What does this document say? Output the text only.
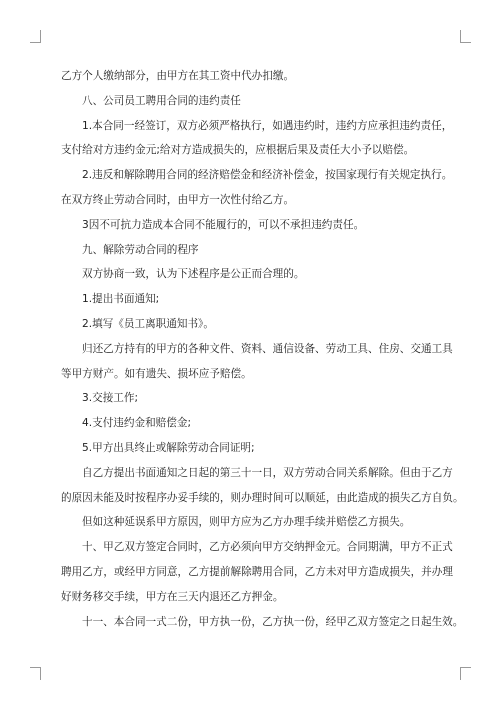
乙方个人缴纳部分，由甲方在其工资中代办扣缴。

八、公司员工聘用合同的违约责任

1.本合同一经签订，双方必须严格执行，如遇违约时，违约方应承担违约责任，

支付给对方违约金元;给对方造成损失的，应根据后果及责任大小予以赔偿。

2.违反和解除聘用合同的经济赔偿金和经济补偿金，按国家现行有关规定执行。

在双方终止劳动合同时，由甲方一次性付给乙方。

3因不可抗力造成本合同不能履行的，可以不承担违约责任。

九、解除劳动合同的程序

双方协商一致，认为下述程序是公正而合理的。

1.提出书面通知;

2.填写《员工离职通知书》。

归还乙方持有的甲方的各种文件、资料、通信设备、劳动工具、住房、交通工具

等甲方财产。如有遗失、损坏应予赔偿。

3.交接工作;

4.支付违约金和赔偿金;

5.甲方出具终止或解除劳动合同证明;

自乙方提出书面通知之日起的第三十一日，双方劳动合同关系解除。但由于乙方

的原因未能及时按程序办妥手续的，则办理时间可以顺延，由此造成的损失乙方自负。

但如这种延误系甲方原因，则甲方应为乙方办理手续并赔偿乙方损失。

十、甲乙双方签定合同时，乙方必须向甲方交纳押金元。合同期满，甲方不正式

聘用乙方，或经甲方同意，乙方提前解除聘用合同，乙方未对甲方造成损失，并办理

好财务移交手续，甲方在三天内退还乙方押金。

十一、本合同一式二份，甲方执一份，乙方执一份，经甲乙双方签定之日起生效。
